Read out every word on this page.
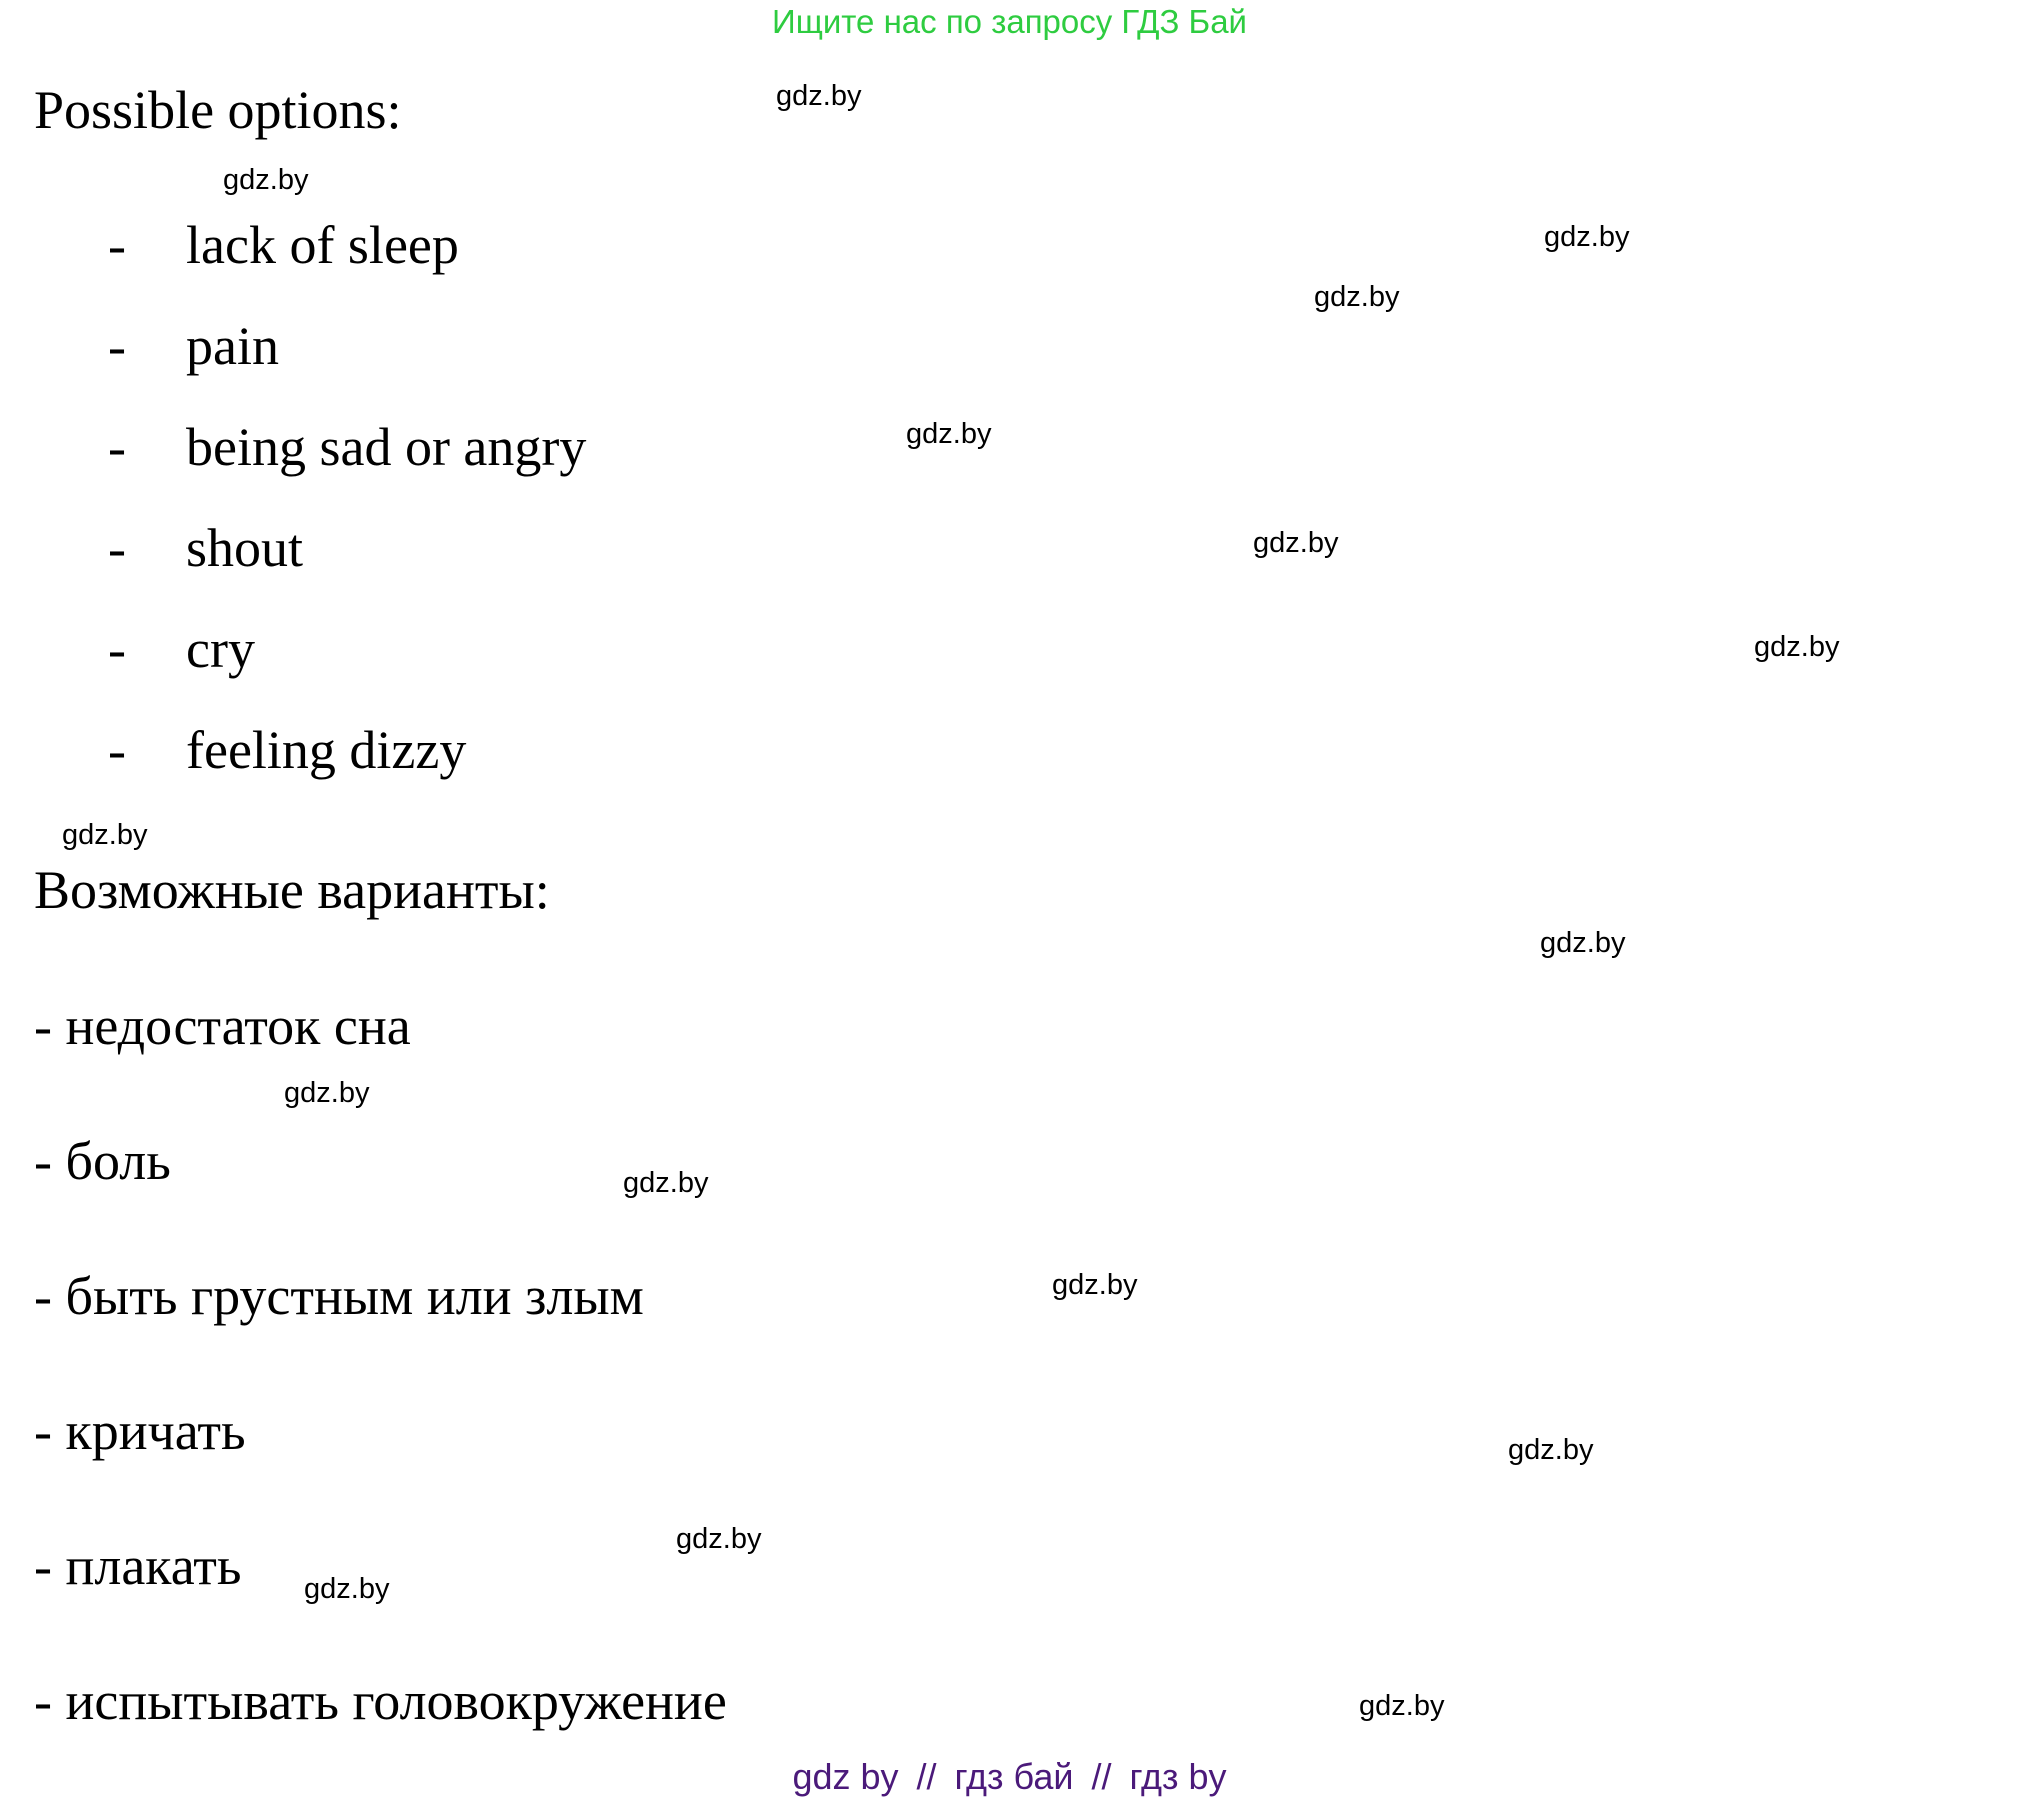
Ищите нас по запросу ГДЗ Бай
Possible options:
- lack of sleep
- pain
- being sad or angry
- shout
- cry
- feeling dizzy
Возможные варианты:
- недостаток сна
- боль
- быть грустным или злым
- кричать
- плакать
- испытывать головокружение
gdz.by
gdz.by
gdz.by
gdz.by
gdz.by
gdz.by
gdz.by
gdz.by
gdz.by
gdz.by
gdz.by
gdz.by
gdz.by
gdz.by
gdz.by
gdz.by
gdz by // гдз бай // гдз by
